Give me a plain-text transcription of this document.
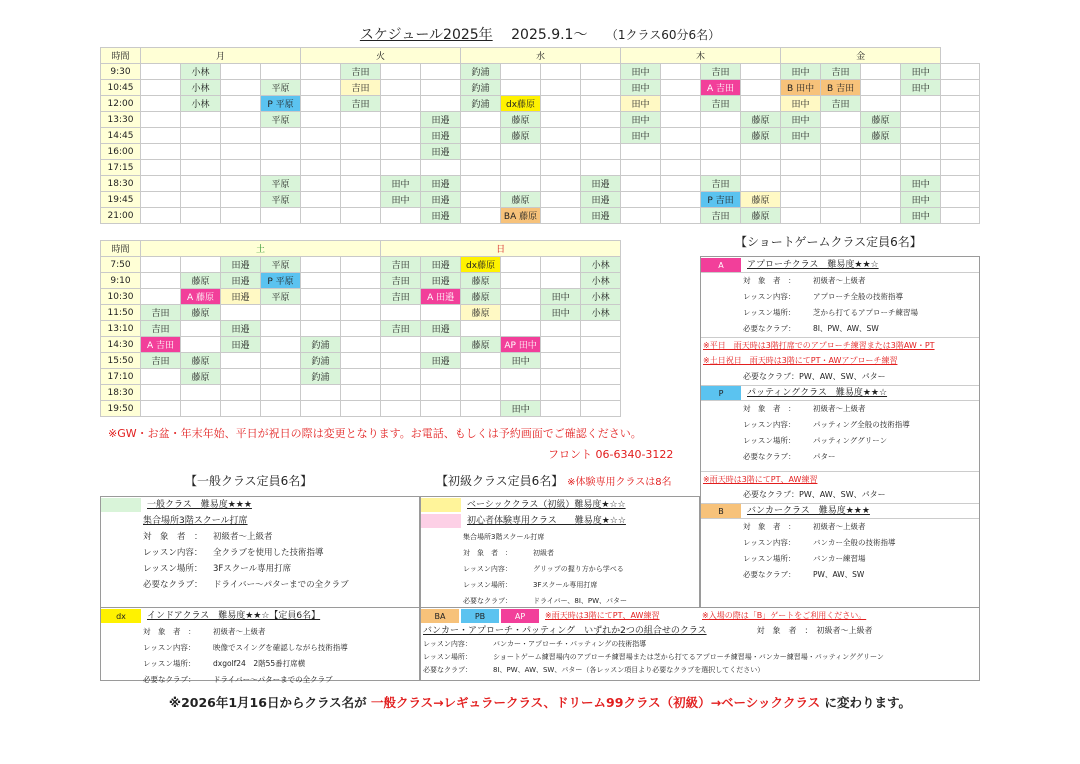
スケジュール2025年 2025.9.1～ （1クラス60分6名）
時間	月				火				水				木				金				
9:30		小林				吉田			釣浦				田中		吉田		田中	吉田		田中	
10:45		小林		平原		吉田			釣浦				田中		A 吉田		B 田中	B 吉田		田中	
12:00		小林		P 平原		吉田			釣浦	dx藤原			田中		吉田		田中	吉田			
13:30				平原				田邉		藤原			田中			藤原	田中		藤原		
14:45								田邉		藤原			田中			藤原	田中		藤原		
16:00								田邉													
17:15																					
18:30				平原			田中	田邉				田邉			吉田					田中	
19:45				平原			田中	田邉		藤原		田邉			P 吉田	藤原				田中	
21:00								田邉		BA 藤原		田邉			吉田	藤原				田中	
時間	土						日					
7:50			田邉	平原			吉田	田邉	dx藤原			小林
9:10		藤原	田邉	P 平原			吉田	田邉	藤原			小林
10:30		A 藤原	田邉	平原			吉田	A 田邉	藤原		田中	小林
11:50	吉田	藤原							藤原		田中	小林
13:10	吉田		田邉				吉田	田邉				
14:30	A 吉田		田邉		釣浦				藤原	AP 田中		
15:50	吉田	藤原			釣浦			田邉		田中		
17:10		藤原			釣浦							
18:30												
19:50										田中		
【ショートゲームクラス定員6名】
※GW・お盆・年末年始、平日が祝日の際は変更となります。お電話、もしくは予約画面でご確認ください。
フロント 06-6340-3122
【一般クラス定員6名】	【初級クラス定員6名】 ※体験専用クラスは8名
一般クラス　難易度★★★
集合場所3階スクール打席
対　象　者　：	初級者～上級者
レッスン内容：	全クラブを使用した技術指導
レッスン場所：	3Fスクール専用打席
必要なクラブ：	ドライバー～パターまでの全クラブ
dx	インドアクラス　難易度★★☆【定員6名】
対　象　者　：	初級者～上級者
レッスン内容：	映像でスイングを確認しながら技術指導
レッスン場所：	dxgolf24　2階55番打席横
必要なクラブ：	ドライバー～パターまでの全クラブ
ベーシッククラス（初級）難易度★☆☆
初心者体験専用クラス　　難易度★☆☆
集合場所3階スクール打席
対　象　者　：	初級者
レッスン内容：	グリップの握り方から学べる
レッスン場所：	3Fスクール専用打席
必要なクラブ：	ドライバー、8I、PW、パター
BA	PB	AP	※雨天時は3階にてPT、AW練習
バンカー・アプローチ・パッティング　いずれか2つの組合せのクラス	対　象　者　：　初級者～上級者
レッスン内容：	バンカー・アプローチ・パッティングの技術指導
レッスン場所：	ショートゲーム練習場内のアプローチ練習場または芝から打てるアプローチ練習場・バンカー練習場・パッティンググリーン
必要なクラブ：	8I、PW、AW、SW、パター（各レッスン項目より必要なクラブを選択してください）
A	アプローチクラス　難易度★★☆
対　象　者　：	初級者～上級者
レッスン内容：	アプローチ全般の技術指導
レッスン場所：	芝から打てるアプローチ練習場
必要なクラブ：	8I、PW、AW、SW
※平日　雨天時は3階打席でのアプローチ練習または3階AW・PT
※土日祝日　雨天時は3階にてPT・AWアプローチ練習
必要なクラブ：PW、AW、SW、パター
P	パッティングクラス　難易度★★☆
対　象　者　：	初級者～上級者
レッスン内容：	パッティング全般の技術指導
レッスン場所：	パッティンググリーン
必要なクラブ：	パター
※雨天時は3階にてPT、AW練習
必要なクラブ：PW、AW、SW、パター
B	バンカークラス　難易度★★★
対　象　者　：	初級者～上級者
レッスン内容：	バンカー全般の技術指導
レッスン場所：	バンカー練習場
必要なクラブ：	PW、AW、SW
※入場の際は「B」ゲートをご利用ください。
※2026年1月16日からクラス名が 一般クラス→レギュラークラス、ドリーム99クラス（初級）→ベーシッククラス に変わります。
